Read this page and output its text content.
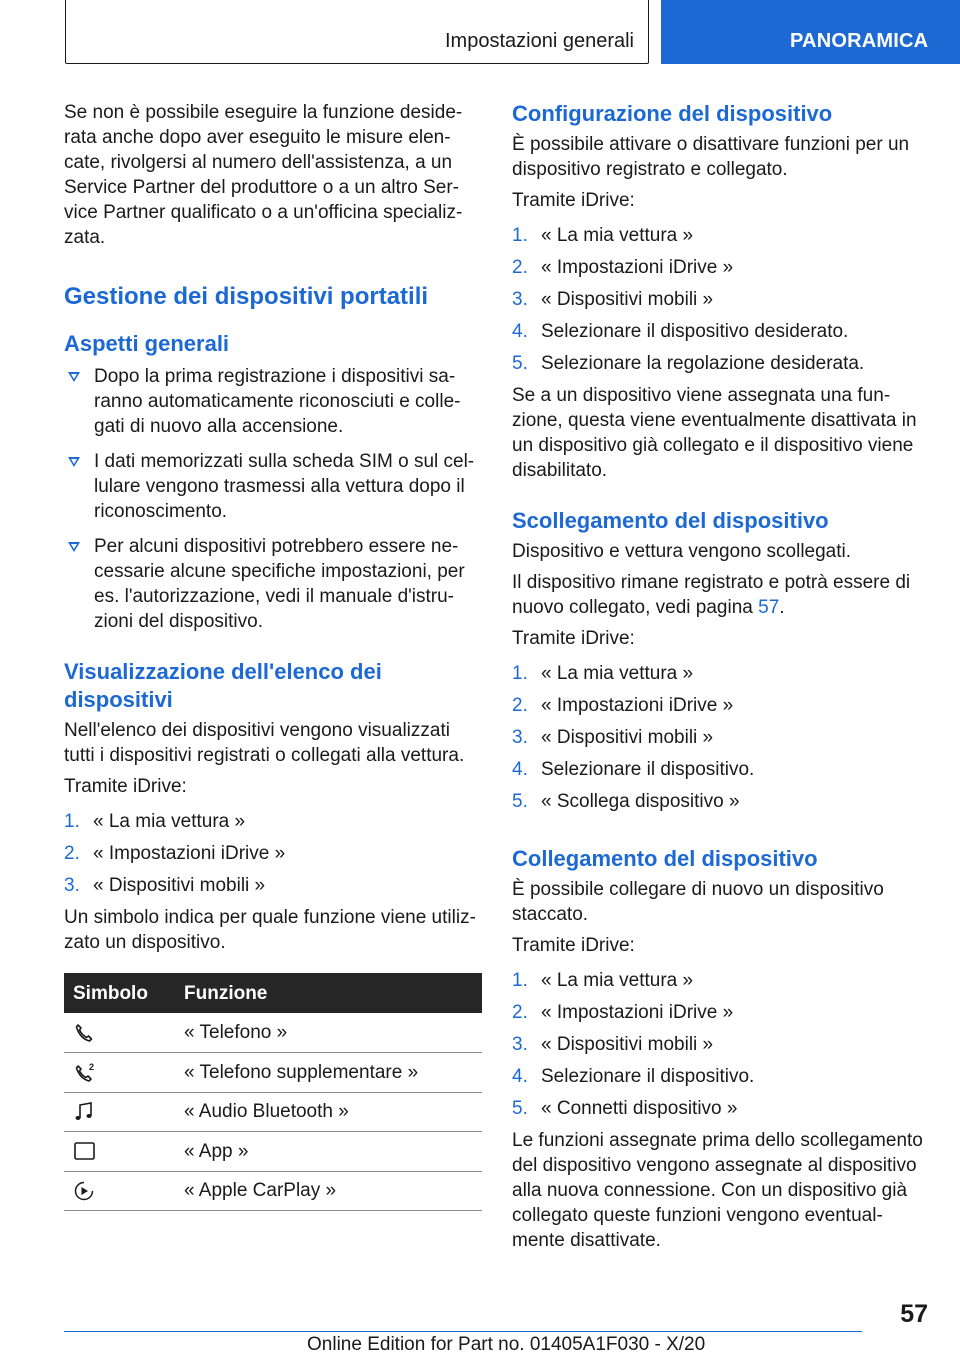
Impostazioni generali	PANORAMICA

Se non è possibile eseguire la funzione deside-rata anche dopo aver eseguito le misure elen-cate, rivolgersi al numero dell'assistenza, a un Service Partner del produttore o a un altro Ser-vice Partner qualificato o a un'officina specializ-zata.

Gestione dei dispositivi portatili
Aspetti generali
Dopo la prima registrazione i dispositivi sa-ranno automaticamente riconosciuti e colle-gati di nuovo alla accensione.
I dati memorizzati sulla scheda SIM o sul cel-lulare vengono trasmessi alla vettura dopo il riconoscimento.
Per alcuni dispositivi potrebbero essere ne-cessarie alcune specifiche impostazioni, per es. l'autorizzazione, vedi il manuale d'istru-zioni del dispositivo.
Visualizzazione dell'elenco dei dispositivi

Nell'elenco dei dispositivi vengono visualizzati tutti i dispositivi registrati o collegati alla vettura.

Tramite iDrive:

1. « La mia vettura »
2. « Impostazioni iDrive »
3. « Dispositivi mobili »

Un simbolo indica per quale funzione viene utiliz-zato un dispositivo.

Simbolo	Funzione

	« Telefono »

2	« Telefono supplementare »

	« Audio Bluetooth »

	« App »

	« Apple CarPlay »
Configurazione del dispositivo

È possibile attivare o disattivare funzioni per un dispositivo registrato e collegato.

Tramite iDrive:

1. « La mia vettura »
2. « Impostazioni iDrive »
3. « Dispositivi mobili »
4. Selezionare il dispositivo desiderato.
5. Selezionare la regolazione desiderata.

Se a un dispositivo viene assegnata una fun-zione, questa viene eventualmente disattivata in un dispositivo già collegato e il dispositivo viene disabilitato.

Scollegamento del dispositivo

Dispositivo e vettura vengono scollegati.

Il dispositivo rimane registrato e potrà essere di nuovo collegato, vedi pagina 57.

Tramite iDrive:

1. « La mia vettura »
2. « Impostazioni iDrive »
3. « Dispositivi mobili »
4. Selezionare il dispositivo.
5. « Scollega dispositivo »
Collegamento del dispositivo

È possibile collegare di nuovo un dispositivo staccato.

Tramite iDrive:

1. « La mia vettura »
2. « Impostazioni iDrive »
3. « Dispositivi mobili »
4. Selezionare il dispositivo.
5. « Connetti dispositivo »

Le funzioni assegnate prima dello scollegamento del dispositivo vengono assegnate al dispositivo alla nuova connessione. Con un dispositivo già collegato queste funzioni vengono eventual-mente disattivate.

57
Online Edition for Part no. 01405A1F030 - X/20
